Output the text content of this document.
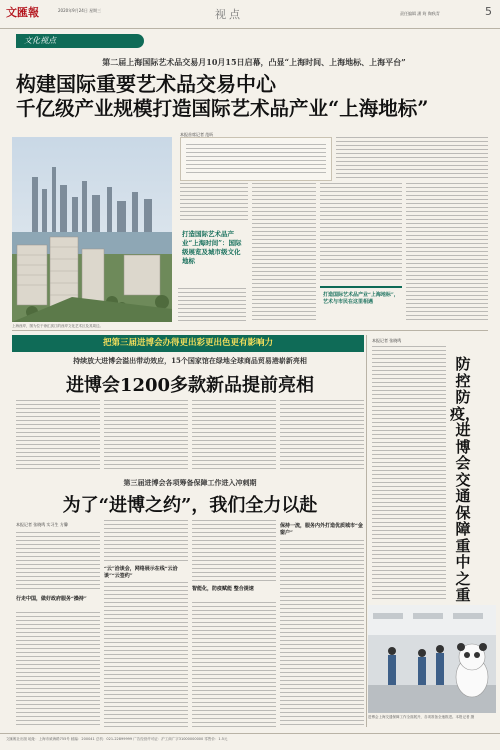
文匯報	2020年9月24日 星期三	视点	责任编辑 潘 筠 陶秋青	5
文化视点
第二届上海国际艺术品交易月10月15日启幕，凸显“上海时间、上海地标、上海平台”
构建国际重要艺术品交易中心
千亿级产业规模打造国际艺术品产业“上海地标”
上海西岸，图为位于徐汇滨江的西岸文化艺术区及其周边。
本报首席记者 范昕
打造国际艺术品产业“上海时间”：国际级展览及城市级文化地标
打造国际艺术品产业“上海地标”，艺术与市民在这里相遇
把第三届进博会办得更出彩更出色更有影响力
持续放大进博会溢出带动效应，15个国家馆在绿地全球商品贸易港崭新亮相
进博会1200多款新品提前亮相
第三届进博会各项筹备保障工作进入冲刺期
为了“进博之约”，我们全力以赴
本报记者 张晓鸣 实习生 方馨
行走中国，做好政府服务“操持”
“云”洽谈会，网络展示在线“云洽谈”“云签约”
智能化，防疫赋能 整合提速
保持一流，服务内外打造优质城市“金窗户”
本报记者 张晓鸣
防控防疫，进博会交通保障重中之重
进博会上海交通保障工作全面展开，各项准备全速推进。本报记者 摄
文匯報社出版 地址：上海市威海路755号 邮编：200041 总机：021-22899999 广告经营许可证：沪工商广字31000000000 零售价：1.5元
